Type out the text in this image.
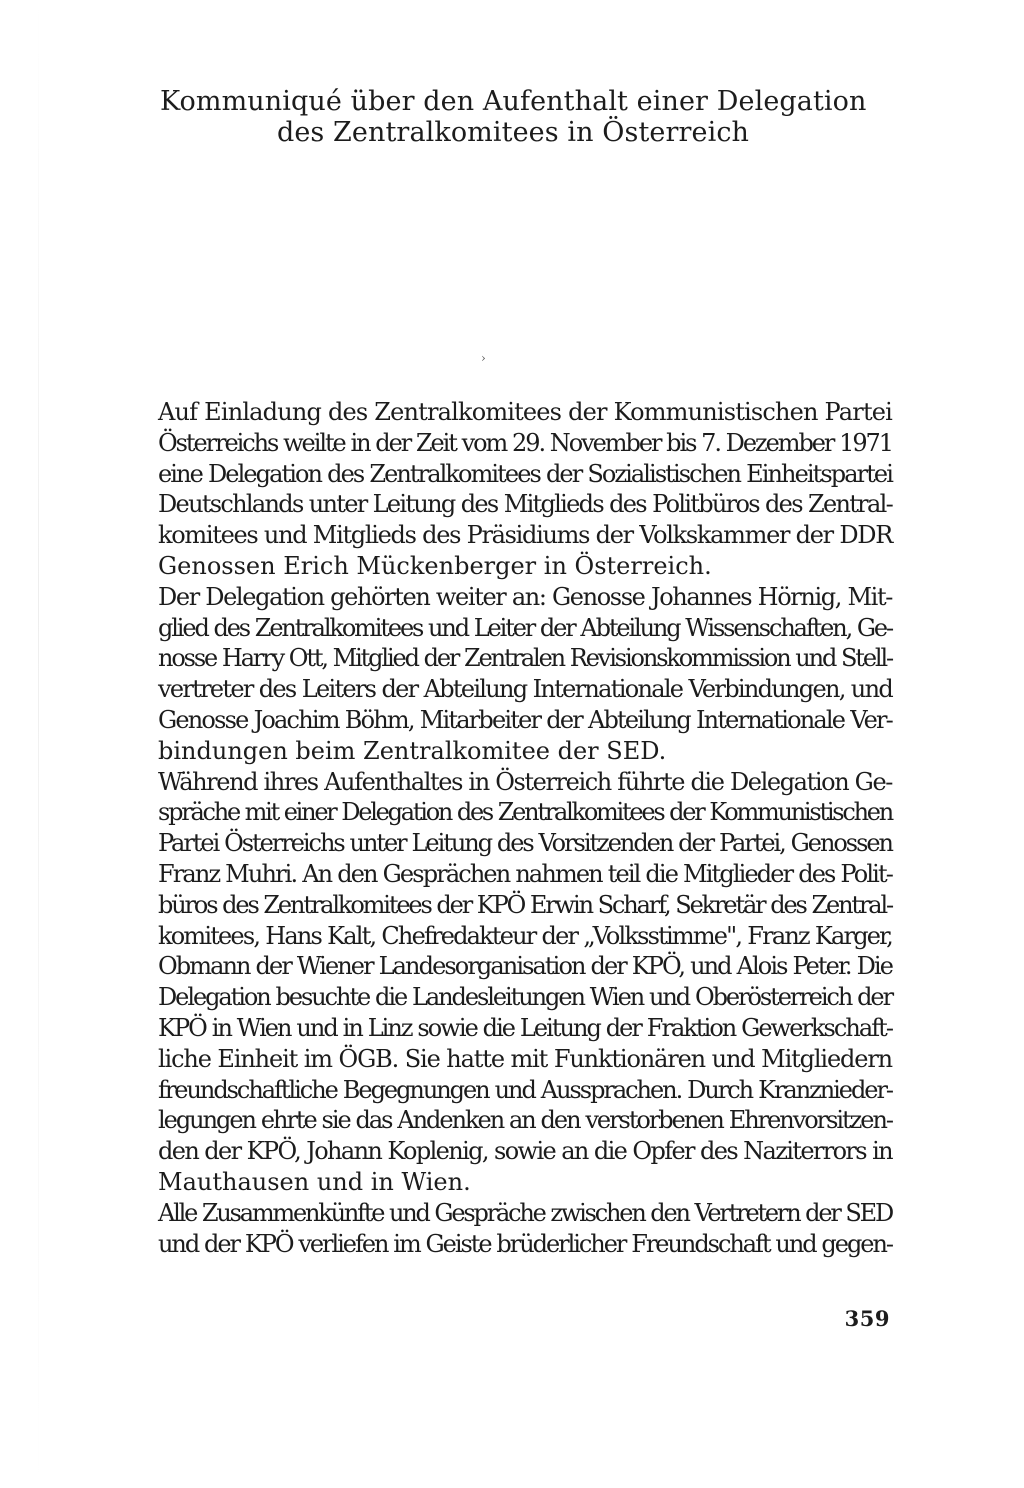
Kommuniqué über den Aufenthalt einer Delegation
des Zentralkomitees in Österreich
›
Auf Einladung des Zentralkomitees der Kommunistischen Partei
Österreichs weilte in der Zeit vom 29. November bis 7. Dezember 1971
eine Delegation des Zentralkomitees der Sozialistischen Einheitspartei
Deutschlands unter Leitung des Mitglieds des Politbüros des Zentral-
komitees und Mitglieds des Präsidiums der Volkskammer der DDR
Genossen Erich Mückenberger in Österreich.
Der Delegation gehörten weiter an: Genosse Johannes Hörnig, Mit-
glied des Zentralkomitees und Leiter der Abteilung Wissenschaften, Ge-
nosse Harry Ott, Mitglied der Zentralen Revisionskommission und Stell-
vertreter des Leiters der Abteilung Internationale Verbindungen, und
Genosse Joachim Böhm, Mitarbeiter der Abteilung Internationale Ver-
bindungen beim Zentralkomitee der SED.
Während ihres Aufenthaltes in Österreich führte die Delegation Ge-
spräche mit einer Delegation des Zentralkomitees der Kommunistischen
Partei Österreichs unter Leitung des Vorsitzenden der Partei, Genossen
Franz Muhri. An den Gesprächen nahmen teil die Mitglieder des Polit-
büros des Zentralkomitees der KPÖ Erwin Scharf, Sekretär des Zentral-
komitees, Hans Kalt, Chefredakteur der „Volksstimme", Franz Karger,
Obmann der Wiener Landesorganisation der KPÖ, und Alois Peter. Die
Delegation besuchte die Landesleitungen Wien und Oberösterreich der
KPÖ in Wien und in Linz sowie die Leitung der Fraktion Gewerkschaft-
liche Einheit im ÖGB. Sie hatte mit Funktionären und Mitgliedern
freundschaftliche Begegnungen und Aussprachen. Durch Kranznieder-
legungen ehrte sie das Andenken an den verstorbenen Ehrenvorsitzen-
den der KPÖ, Johann Koplenig, sowie an die Opfer des Naziterrors in
Mauthausen und in Wien.
Alle Zusammenkünfte und Gespräche zwischen den Vertretern der SED
und der KPÖ verliefen im Geiste brüderlicher Freundschaft und gegen-
359
